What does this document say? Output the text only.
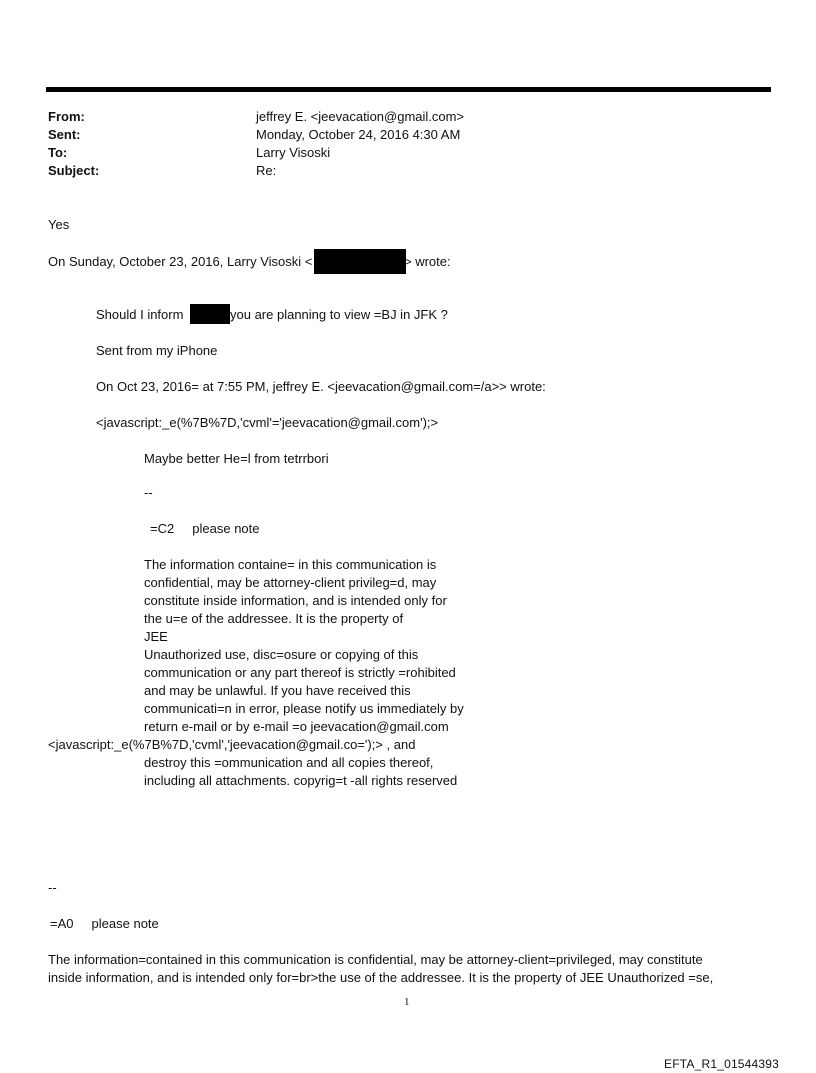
From:	jeffrey E. <jeevacation@gmail.com>
Sent:	Monday, October 24, 2016 4:30 AM
To:	Larry Visoski
Subject:	Re:
Yes
On Sunday, October 23, 2016, Larry Visoski <	> wrote:
Should I inform	you are planning to view =BJ in JFK ?
Sent from my iPhone
On Oct 23, 2016= at 7:55 PM, jeffrey E. <jeevacation@gmail.com=/a>> wrote:
<javascript:_e(%7B%7D,'cvml'='jeevacation@gmail.com');>
Maybe better He=l from tetrrbori
--
=C2     please note
The information containe= in this communication is
confidential, may be attorney-client privileg=d, may
constitute inside information, and is intended only for
the u=e of the addressee. It is the property of
JEE
Unauthorized use, disc=osure or copying of this
communication or any part thereof is strictly =rohibited
and may be unlawful. If you have received this
communicati=n in error, please notify us immediately by
return e-mail or by e-mail =o jeevacation@gmail.com
<javascript:_e(%7B%7D,'cvml','jeevacation@gmail.co=');> , and
destroy this =ommunication and all copies thereof,
including all attachments. copyrig=t -all rights reserved
--
=A0     please note
The information=contained in this communication is confidential, may be attorney-client=privileged, may constitute
inside information, and is intended only for=br>the use of the addressee. It is the property of JEE Unauthorized =se,
1
EFTA_R1_01544393
